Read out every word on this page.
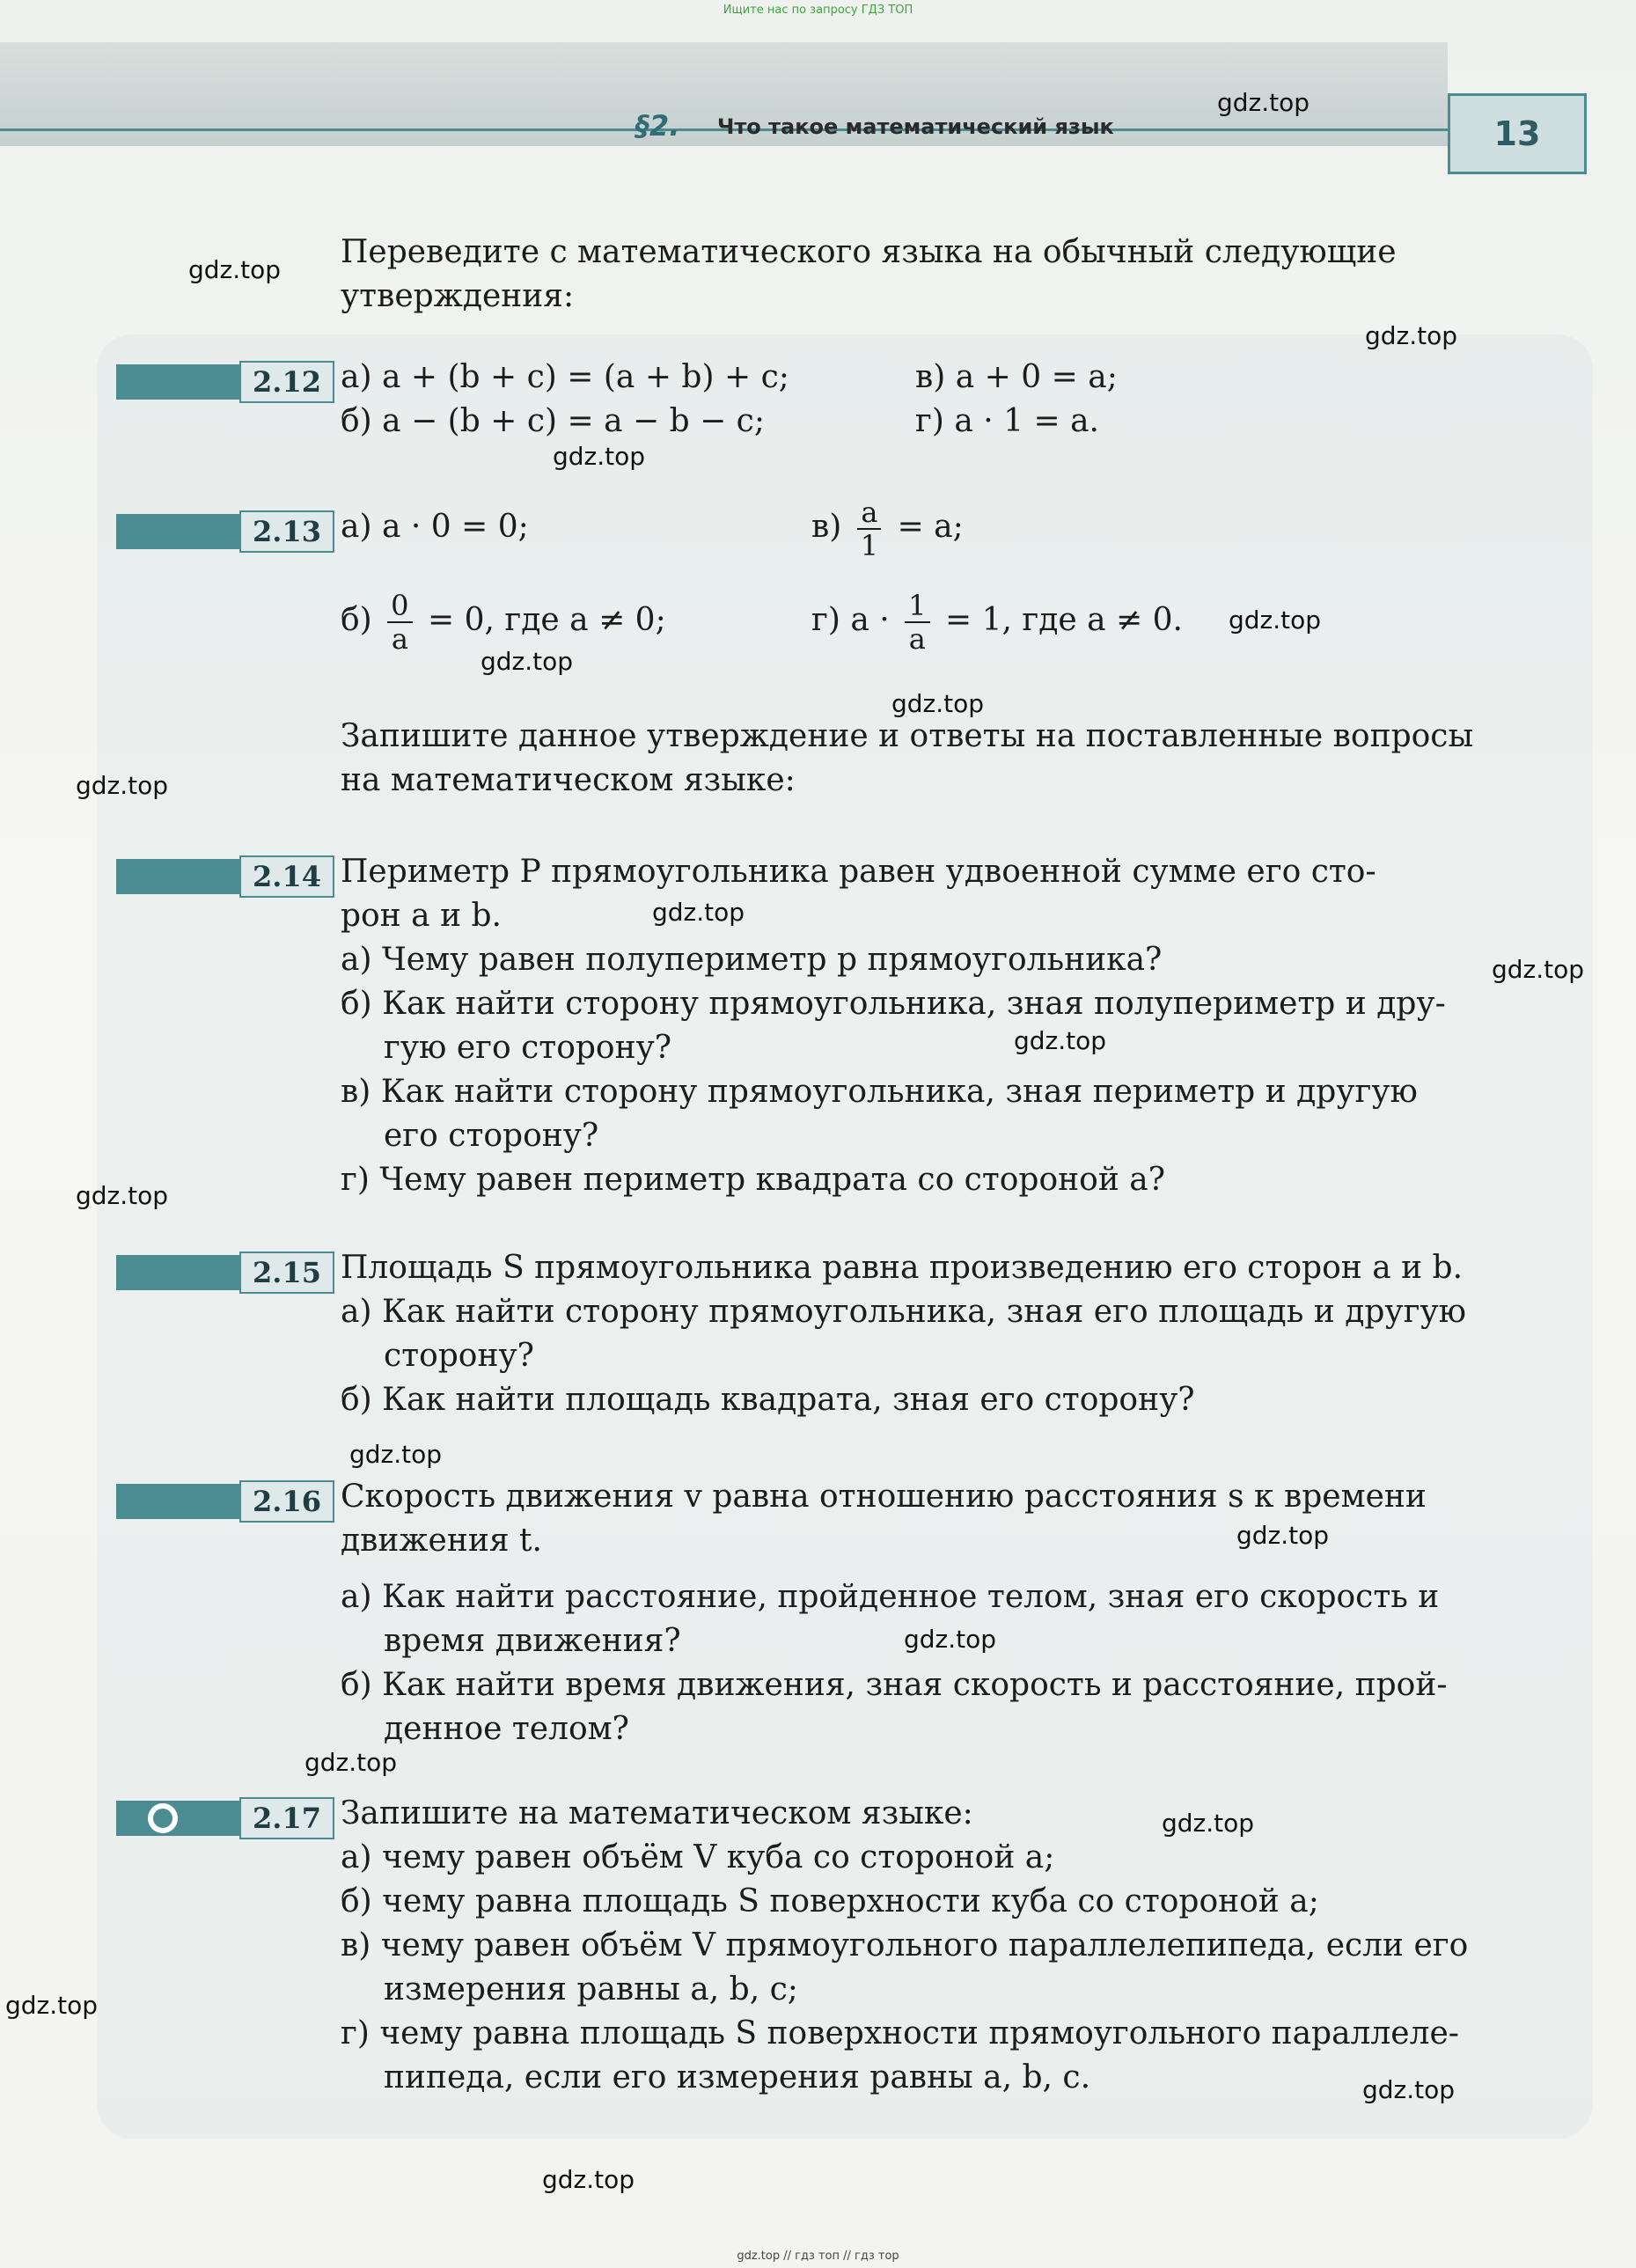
Ищите нас по запросу ГДЗ ТОП
§2. Что такое математический язык	13
gdz.top
gdz.top
gdz.top
gdz.top
gdz.top
gdz.top
gdz.top
gdz.top
gdz.top
gdz.top
gdz.top
gdz.top
gdz.top
gdz.top
gdz.top
gdz.top
gdz.top
gdz.top
gdz.top
gdz.top
Переведите с математического языка на обычный следующие
утверждения:
2.12 а) a + (b + c) = (a + b) + c;	в) a + 0 = a;
б) a − (b + c) = a − b − c;	г) a · 1 = a.
2.13 а) a · 0 = 0;	$в) \frac{a}{1} = a$;
$б) \frac{0}{a} = 0$, где a ≠ 0;	г) $a \cdot \frac{1}{a} = 1$, где a ≠ 0.
Запишите данное утверждение и ответы на поставленные вопросы
на математическом языке:
2.14 Периметр P прямоугольника равен удвоенной сумме его сто-
рон a и b.
а) Чему равен полупериметр p прямоугольника?
б) Как найти сторону прямоугольника, зная полупериметр и дру-
гую его сторону?
в) Как найти сторону прямоугольника, зная периметр и другую
его сторону?
г) Чему равен периметр квадрата со стороной a?
2.15 Площадь S прямоугольника равна произведению его сторон a и b.
а) Как найти сторону прямоугольника, зная его площадь и другую
сторону?
б) Как найти площадь квадрата, зная его сторону?
2.16 Скорость движения v равна отношению расстояния s к времени
движения t.
а) Как найти расстояние, пройденное телом, зная его скорость и
время движения?
б) Как найти время движения, зная скорость и расстояние, прой-
денное телом?
2.17 Запишите на математическом языке:
а) чему равен объём V куба со стороной a;
б) чему равна площадь S поверхности куба со стороной a;
в) чему равен объём V прямоугольного параллелепипеда, если его
измерения равны a, b, c;
г) чему равна площадь S поверхности прямоугольного параллеле-
пипеда, если его измерения равны a, b, c.
gdz.top // гдз топ // гдз тор
